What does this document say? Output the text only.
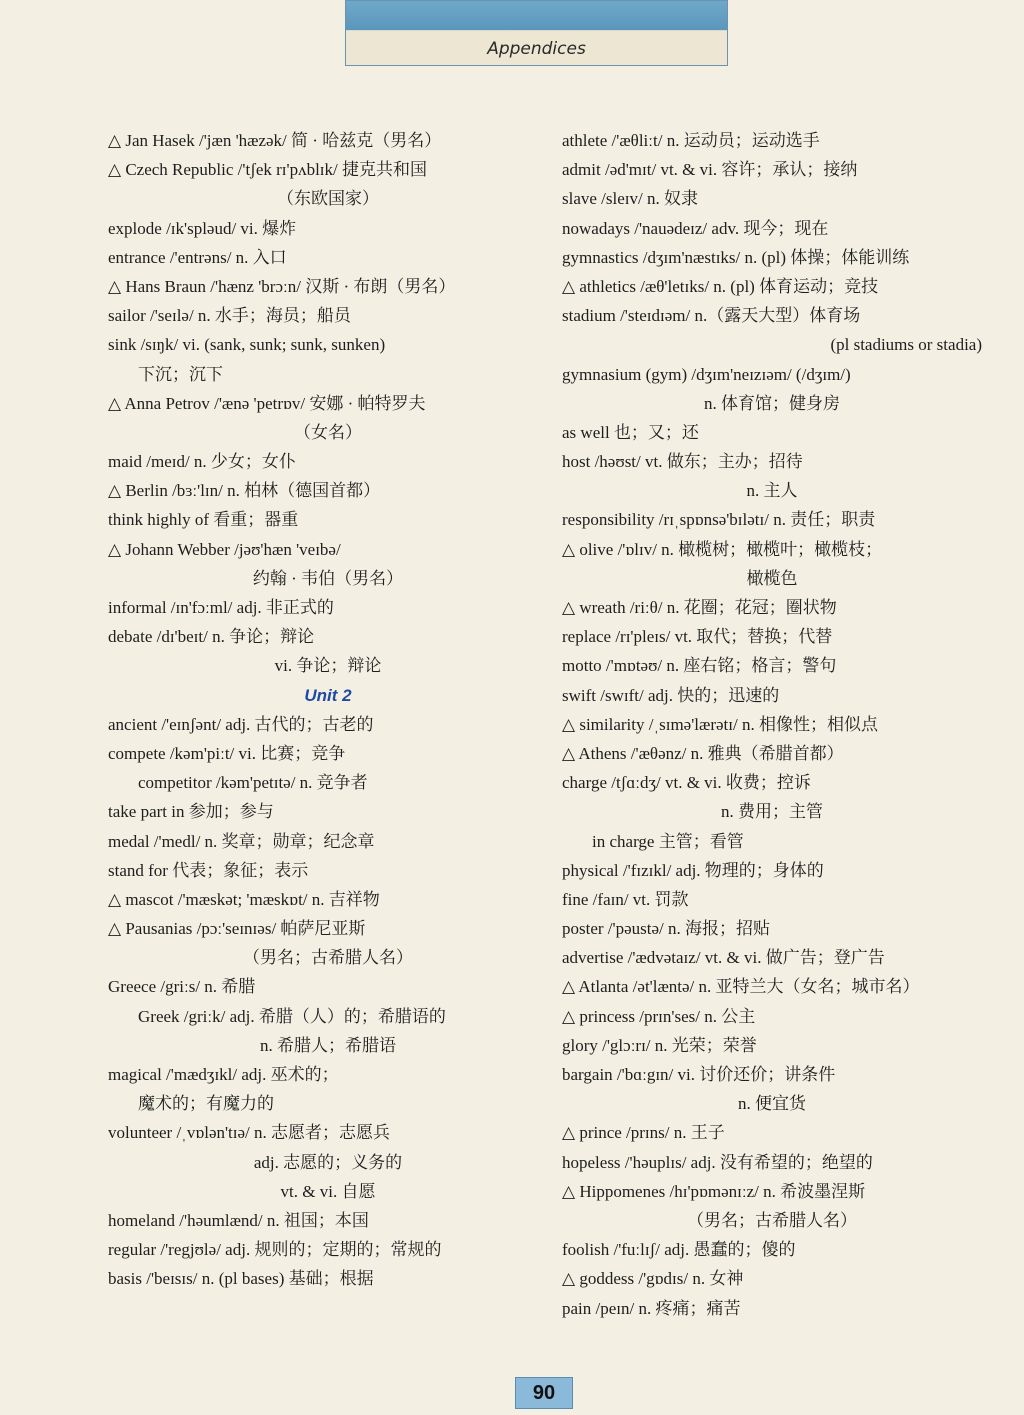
Appendices
△ Jan Hasek /'jæn 'hæzək/ 简 · 哈兹克（男名）
△ Czech Republic /'tʃek rɪ'pʌblɪk/ 捷克共和国
（东欧国家）
explode /ɪk'spləud/ vi. 爆炸
entrance /'entrəns/ n. 入口
△ Hans Braun /'hænz 'brɔːn/ 汉斯 · 布朗（男名）
sailor /'seɪlə/ n. 水手；海员；船员
sink /sɪŋk/ vi. (sank, sunk; sunk, sunken)
下沉；沉下
△ Anna Petrov /'ænə 'petrɒv/ 安娜 · 帕特罗夫
（女名）
maid /meɪd/ n. 少女；女仆
△ Berlin /bɜː'lɪn/ n. 柏林（德国首都）
think highly of 看重；器重
△ Johann Webber /jəʊ'hæn 'veɪbə/
约翰 · 韦伯（男名）
informal /ɪn'fɔːml/ adj. 非正式的
debate /dɪ'beɪt/ n. 争论；辩论
vi. 争论；辩论
Unit 2
ancient /'eɪnʃənt/ adj. 古代的；古老的
compete /kəm'piːt/ vi. 比赛；竞争
competitor /kəm'petɪtə/ n. 竞争者
take part in 参加；参与
medal /'medl/ n. 奖章；勋章；纪念章
stand for 代表；象征；表示
△ mascot /'mæskət; 'mæskɒt/ n. 吉祥物
△ Pausanias /pɔː'seɪnɪəs/ 帕萨尼亚斯
（男名；古希腊人名）
Greece /griːs/ n. 希腊
Greek /griːk/ adj. 希腊（人）的；希腊语的
n. 希腊人；希腊语
magical /'mædʒɪkl/ adj. 巫术的；
魔术的；有魔力的
volunteer /ˌvɒlən'tɪə/ n. 志愿者；志愿兵
adj. 志愿的；义务的
vt. & vi. 自愿
homeland /'həumlænd/ n. 祖国；本国
regular /'regjʊlə/ adj. 规则的；定期的；常规的
basis /'beɪsɪs/ n. (pl bases) 基础；根据
athlete /'æθliːt/ n. 运动员；运动选手
admit /əd'mɪt/ vt. & vi. 容许；承认；接纳
slave /sleɪv/ n. 奴隶
nowadays /'nauədeɪz/ adv. 现今；现在
gymnastics /dʒɪm'næstɪks/ n. (pl) 体操；体能训练
△ athletics /æθ'letɪks/ n. (pl) 体育运动；竞技
stadium /'steɪdɪəm/ n.（露天大型）体育场
(pl stadiums or stadia)
gymnasium (gym) /dʒɪm'neɪzɪəm/ (/dʒɪm/)
n. 体育馆；健身房
as well 也；又；还
host /həʊst/ vt. 做东；主办；招待
n. 主人
responsibility /rɪˌspɒnsə'bɪlətɪ/ n. 责任；职责
△ olive /'ɒlɪv/ n. 橄榄树；橄榄叶；橄榄枝；
橄榄色
△ wreath /riːθ/ n. 花圈；花冠；圈状物
replace /rɪ'pleɪs/ vt. 取代；替换；代替
motto /'mɒtəʊ/ n. 座右铭；格言；警句
swift /swɪft/ adj. 快的；迅速的
△ similarity /ˌsɪmə'lærətɪ/ n. 相像性；相似点
△ Athens /'æθənz/ n. 雅典（希腊首都）
charge /tʃɑːdʒ/ vt. & vi. 收费；控诉
n. 费用；主管
in charge 主管；看管
physical /'fɪzɪkl/ adj. 物理的；身体的
fine /faɪn/ vt. 罚款
poster /'pəustə/ n. 海报；招贴
advertise /'ædvətaɪz/ vt. & vi. 做广告；登广告
△ Atlanta /ət'læntə/ n. 亚特兰大（女名；城市名）
△ princess /prɪn'ses/ n. 公主
glory /'glɔːrɪ/ n. 光荣；荣誉
bargain /'bɑːgɪn/ vi. 讨价还价；讲条件
n. 便宜货
△ prince /prɪns/ n. 王子
hopeless /'həuplɪs/ adj. 没有希望的；绝望的
△ Hippomenes /hɪ'pɒmənɪːz/ n. 希波墨涅斯
（男名；古希腊人名）
foolish /'fuːlɪʃ/ adj. 愚蠢的；傻的
△ goddess /'gɒdɪs/ n. 女神
pain /peɪn/ n. 疼痛；痛苦
90
